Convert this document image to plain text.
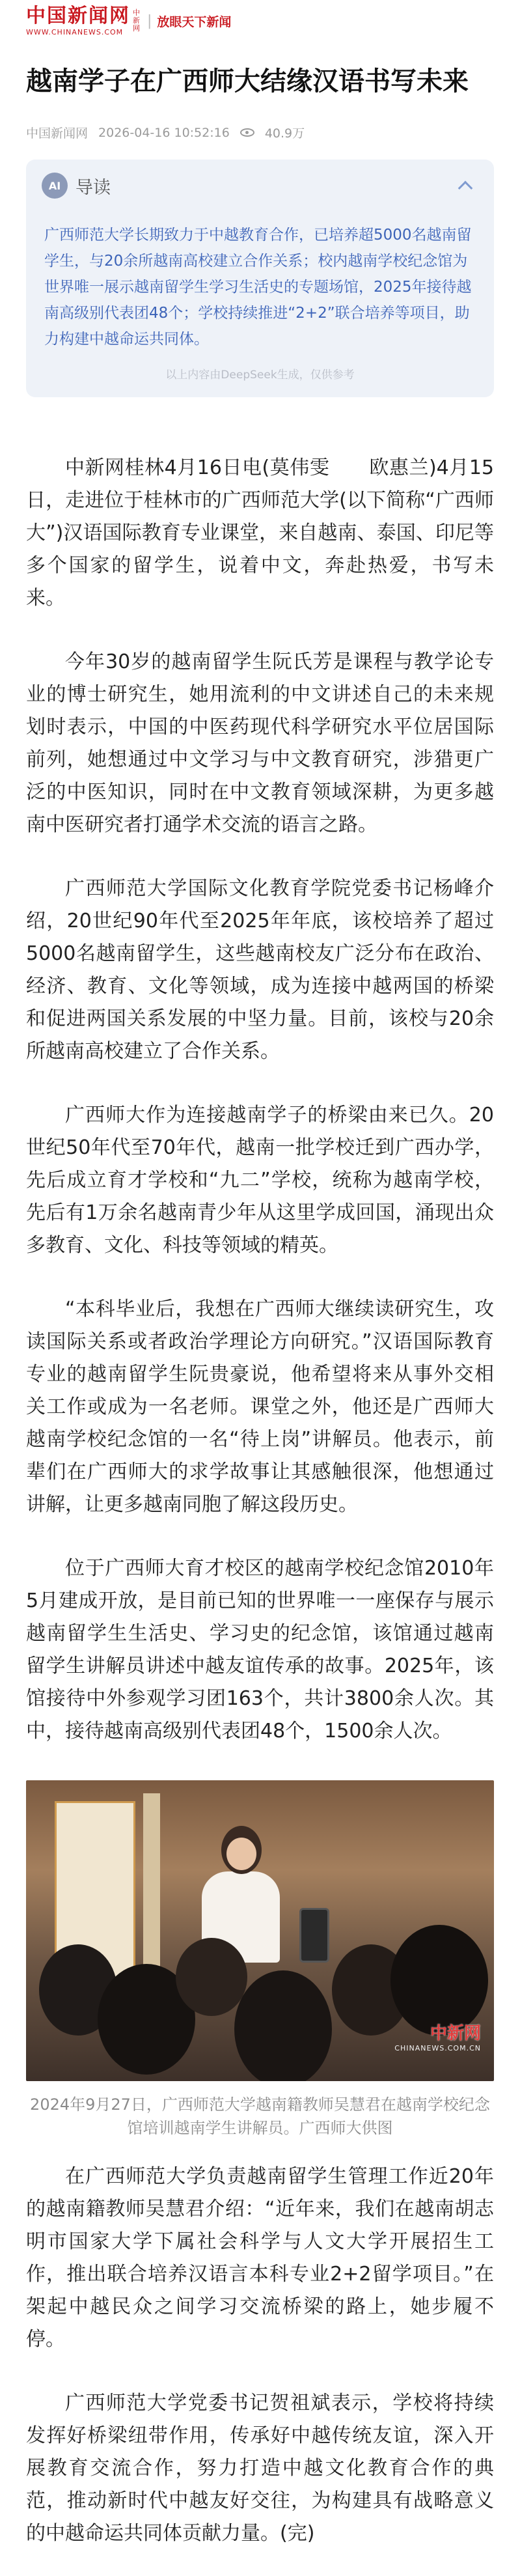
中国新闻网
WWW.CHINANEWS.COM
中新网 | 放眼天下新闻
越南学子在广西师大结缘汉语书写未来
中国新闻网 2026-04-16 10:52:16	40.9万
AI 导读

广西师范大学长期致力于中越教育合作，已培养超5000名越南留学生，与20余所越南高校建立合作关系；校内越南学校纪念馆为世界唯一展示越南留学生学习生活史的专题场馆，2025年接待越南高级别代表团48个；学校持续推进“2+2”联合培养等项目，助力构建中越命运共同体。

以上内容由DeepSeek生成，仅供参考

中新网桂林4月16日电(莫伟雯　　欧惠兰)4月15日，走进位于桂林市的广西师范大学(以下简称“广西师大”)汉语国际教育专业课堂，来自越南、泰国、印尼等多个国家的留学生，说着中文，奔赴热爱，书写未来。

今年30岁的越南留学生阮氏芳是课程与教学论专业的博士研究生，她用流利的中文讲述自己的未来规划时表示，中国的中医药现代科学研究水平位居国际前列，她想通过中文学习与中文教育研究，涉猎更广泛的中医知识，同时在中文教育领域深耕，为更多越南中医研究者打通学术交流的语言之路。

广西师范大学国际文化教育学院党委书记杨峰介绍，20世纪90年代至2025年年底，该校培养了超过5000名越南留学生，这些越南校友广泛分布在政治、经济、教育、文化等领域，成为连接中越两国的桥梁和促进两国关系发展的中坚力量。目前，该校与20余所越南高校建立了合作关系。

广西师大作为连接越南学子的桥梁由来已久。20世纪50年代至70年代，越南一批学校迁到广西办学，先后成立育才学校和“九二”学校，统称为越南学校，先后有1万余名越南青少年从这里学成回国，涌现出众多教育、文化、科技等领域的精英。

“本科毕业后，我想在广西师大继续读研究生，攻读国际关系或者政治学理论方向研究。”汉语国际教育专业的越南留学生阮贵豪说，他希望将来从事外交相关工作或成为一名老师。课堂之外，他还是广西师大越南学校纪念馆的一名“待上岗”讲解员。他表示，前辈们在广西师大的求学故事让其感触很深，他想通过讲解，让更多越南同胞了解这段历史。

位于广西师大育才校区的越南学校纪念馆2010年5月建成开放，是目前已知的世界唯一一座保存与展示越南留学生生活史、学习史的纪念馆，该馆通过越南留学生讲解员讲述中越友谊传承的故事。2025年，该馆接待中外参观学习团163个，共计3800余人次。其中，接待越南高级别代表团48个，1500余人次。

中新网
CHINANEWS.COM.CN

2024年9月27日，广西师范大学越南籍教师吴慧君在越南学校纪念馆培训越南学生讲解员。广西师大供图

在广西师范大学负责越南留学生管理工作近20年的越南籍教师吴慧君介绍：“近年来，我们在越南胡志明市国家大学下属社会科学与人文大学开展招生工作，推出联合培养汉语言本科专业2+2留学项目。”在架起中越民众之间学习交流桥梁的路上，她步履不停。

广西师范大学党委书记贺祖斌表示，学校将持续发挥好桥梁纽带作用，传承好中越传统友谊，深入开展教育交流合作，努力打造中越文化教育合作的典范，推动新时代中越友好交往，为构建具有战略意义的中越命运共同体贡献力量。(完)
